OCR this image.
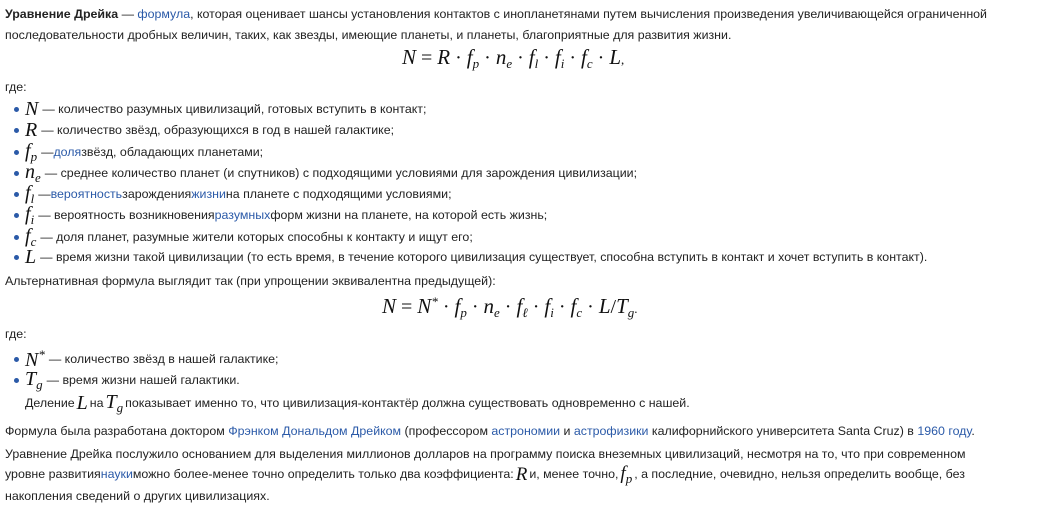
Уравнение Дрейка — формула, которая оценивает шансы установления контактов с инопланетянами путем вычисления произведения увеличивающейся ограниченной
последовательности дробных величин, таких, как звезды, имеющие планеты, и планеты, благоприятные для развития жизни.
$N = R \cdot f_p \cdot n_e \cdot f_l \cdot f_i \cdot f_c \cdot L$,
где:
N — количество разумных цивилизаций, готовых вступить в контакт;
R — количество звёзд, образующихся в год в нашей галактике;
$f_p$ — доля звёзд, обладающих планетами;
$n_e$ — среднее количество планет (и спутников) с подходящими условиями для зарождения цивилизации;
$f_l$ — вероятность зарождения жизни на планете с подходящими условиями;
$f_i$ — вероятность возникновения разумных форм жизни на планете, на которой есть жизнь;
$f_c$ — доля планет, разумные жители которых способны к контакту и ищут его;
L — время жизни такой цивилизации (то есть время, в течение которого цивилизация существует, способна вступить в контакт и хочет вступить в контакт).
Альтернативная формула выглядит так (при упрощении эквивалентна предыдущей):
$N = N^* \cdot f_p \cdot n_e \cdot f_\ell \cdot f_i \cdot f_c \cdot L/T_g$.
где:
N* — количество звёзд в нашей галактике;
$T_g$ — время жизни нашей галактики.
Деление L на $T_g$ показывает именно то, что цивилизация-контактёр должна существовать одновременно с нашей.
Формула была разработана доктором Фрэнком Дональдом Дрейком (профессором астрономии и астрофизики калифорнийского университета Santa Cruz) в 1960 году.
Уравнение Дрейка послужило основанием для выделения миллионов долларов на программу поиска внеземных цивилизаций, несмотря на то, что при современном
уровне развития науки можно более-менее точно определить только два коэффициента: R и, менее точно, $f_p$ , а последние, очевидно, нельзя определить вообще, без
накопления сведений о других цивилизациях.
